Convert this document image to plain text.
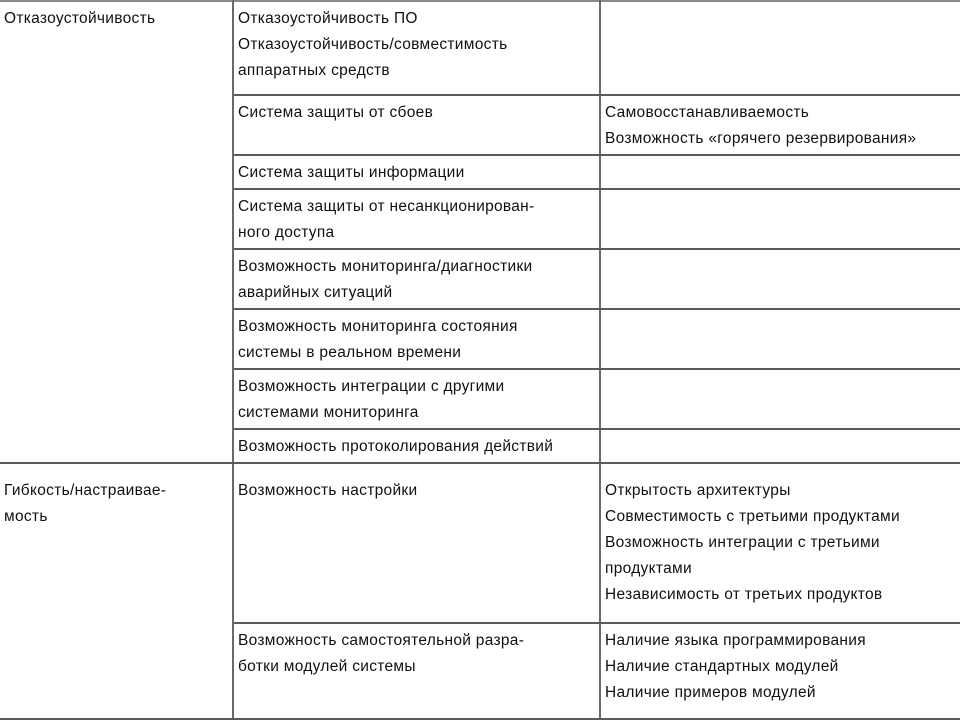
Отказоустойчивость	Отказоустойчивость ПО
Отказоустойчивость/совместимость
аппаратных средств	

	Система защиты от сбоев	Самовосстанавливаемость
Возможность «горячего резервирования»

	Система защиты информации	

	Система защиты от несанкционирован-
ного доступа	

	Возможность мониторинга/диагностики
аварийных ситуаций	

	Возможность мониторинга состояния
системы в реальном времени	

	Возможность интеграции с другими
системами мониторинга	

	Возможность протоколирования действий	

Гибкость/настраивае-
мость	Возможность настройки	Открытость архитектуры
Совместимость с третьими продуктами
Возможность интеграции с третьими
продуктами
Независимость от третьих продуктов

	Возможность самостоятельной разра-
ботки модулей системы	Наличие языка программирования
Наличие стандартных модулей
Наличие примеров модулей
